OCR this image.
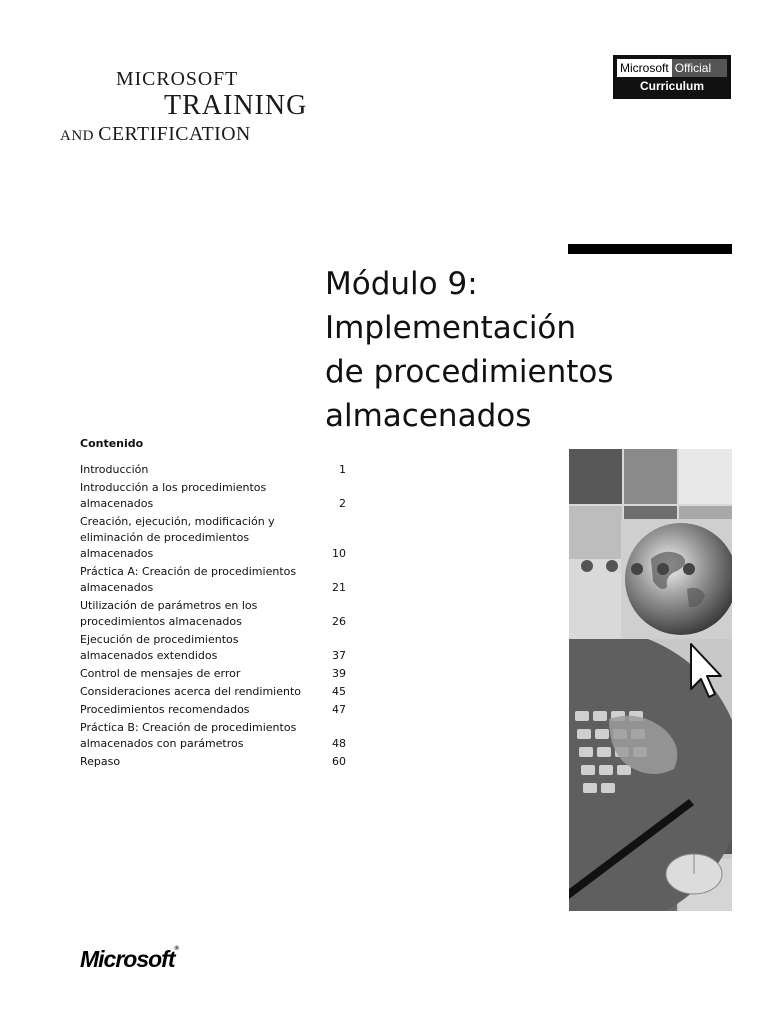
MICROSOFT
TRAINING
AND CERTIFICATION
Microsoft Official
Curriculum
Módulo 9:
Implementación
de procedimientos
almacenados
Contenido
Introducción	1
Introducción a los procedimientos almacenados	2
Creación, ejecución, modificación y eliminación de procedimientos almacenados	10
Práctica A: Creación de procedimientos almacenados	21
Utilización de parámetros en los procedimientos almacenados	26
Ejecución de procedimientos almacenados extendidos	37
Control de mensajes de error	39
Consideraciones acerca del rendimiento	45
Procedimientos recomendados	47
Práctica B: Creación de procedimientos almacenados con parámetros	48
Repaso	60
Microsoft®
